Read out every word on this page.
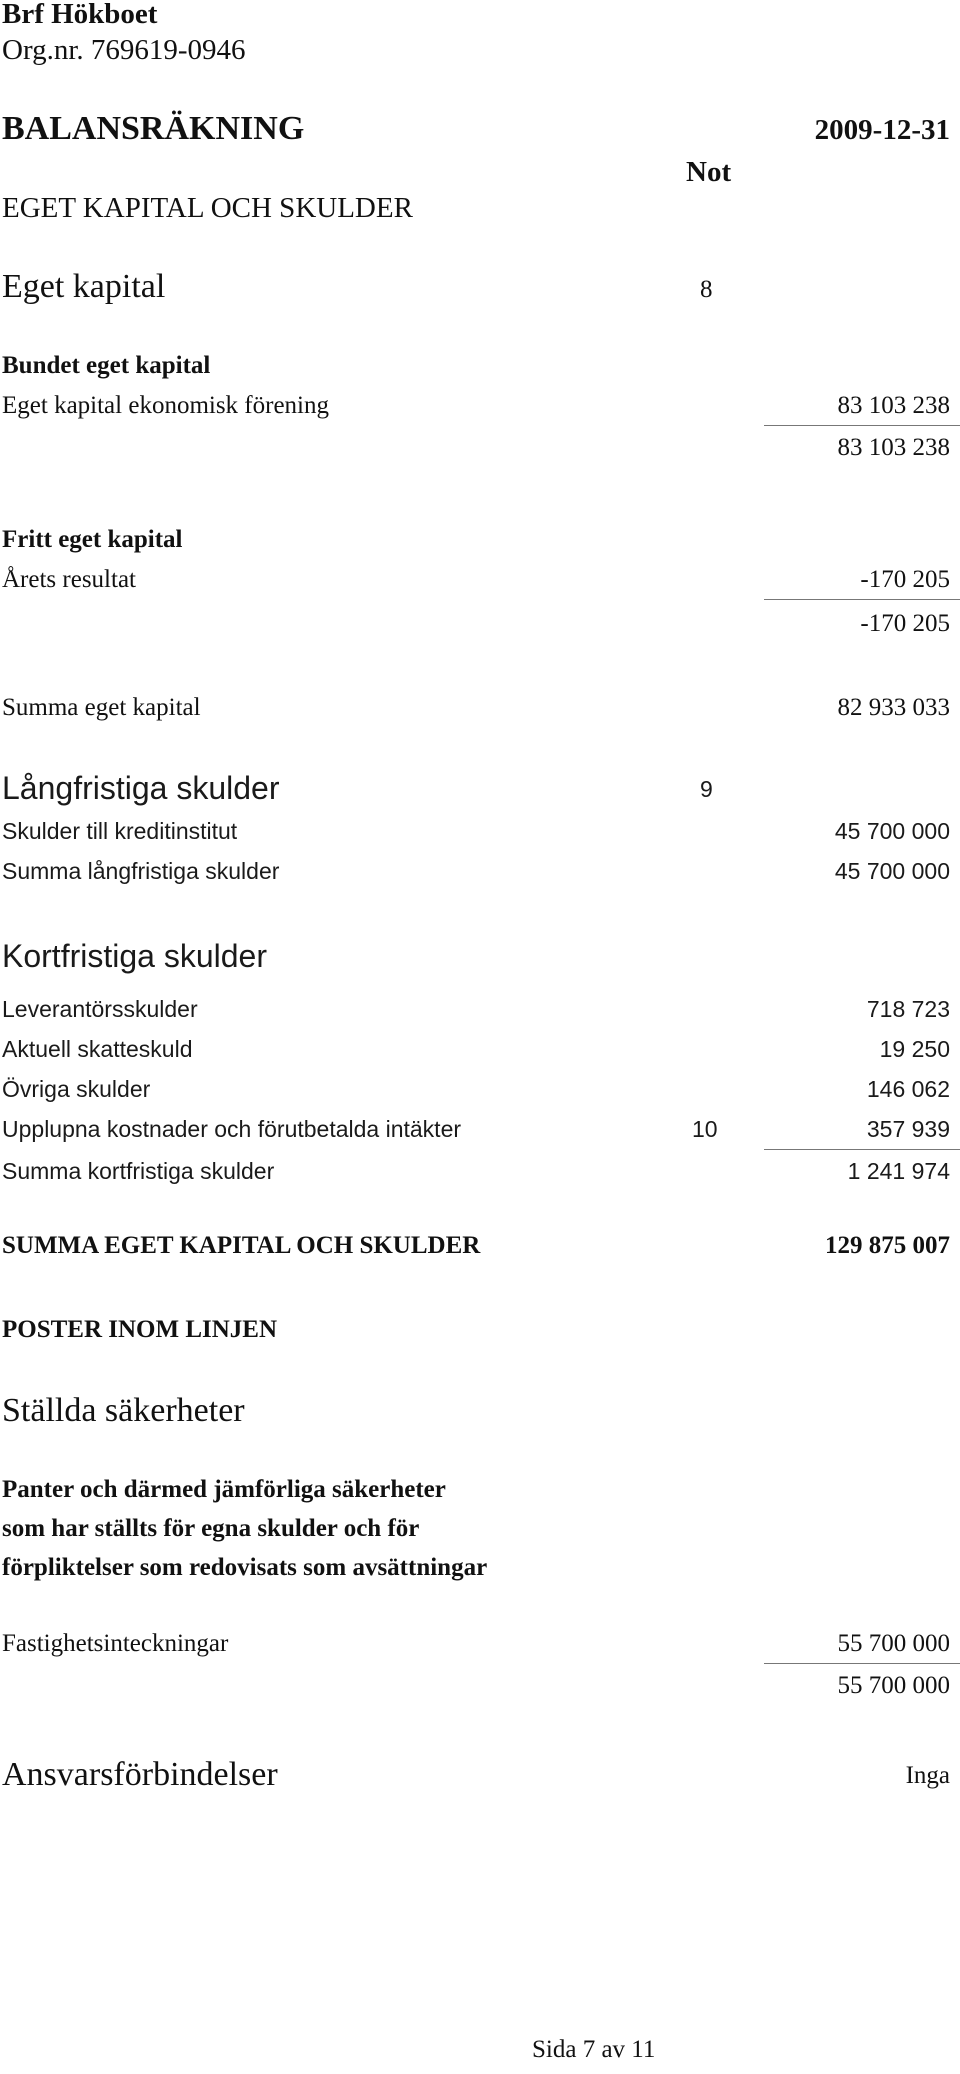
Brf Hökboet
Org.nr. 769619-0946
BALANSRÄKNING	2009-12-31
Not
EGET KAPITAL OCH SKULDER
Eget kapital	8
Bundet eget kapital
Eget kapital ekonomisk förening	83 103 238
83 103 238
Fritt eget kapital
Årets resultat	-170 205
-170 205
Summa eget kapital	82 933 033
Långfristiga skulder	9
Skulder till kreditinstitut	45 700 000
Summa långfristiga skulder	45 700 000
Kortfristiga skulder
Leverantörsskulder	718 723
Aktuell skatteskuld	19 250
Övriga skulder	146 062
Upplupna kostnader och förutbetalda intäkter	10	357 939
Summa kortfristiga skulder	1 241 974
SUMMA EGET KAPITAL OCH SKULDER	129 875 007
POSTER INOM LINJEN
Ställda säkerheter
Panter och därmed jämförliga säkerheter
som har ställts för egna skulder och för
förpliktelser som redovisats som avsättningar
Fastighetsinteckningar	55 700 000
55 700 000
Ansvarsförbindelser	Inga
Sida 7 av 11
